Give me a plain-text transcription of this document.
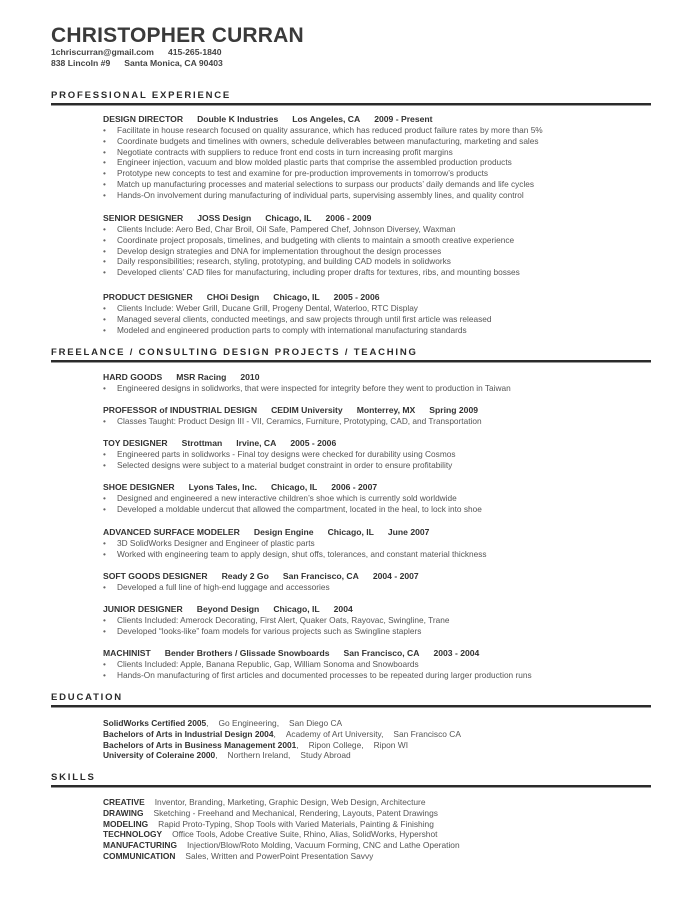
CHRISTOPHER CURRAN
1chriscurran@gmail.com 415-265-1840
838 Lincoln #9 Santa Monica, CA 90403
PROFESSIONAL EXPERIENCE
DESIGN DIRECTOR Double K Industries Los Angeles, CA 2009 - Present
• Facilitate in house research focused on quality assurance, which has reduced product failure rates by more than 5%
• Coordinate budgets and timelines with owners, schedule deliverables between manufacturing, marketing and sales
• Negotiate contracts with suppliers to reduce front end costs in turn increasing profit margins
• Engineer injection, vacuum and blow molded plastic parts that comprise the assembled production products
• Prototype new concepts to test and examine for pre-production improvements in tomorrow’s products
• Match up manufacturing processes and material selections to surpass our products’ daily demands and life cycles
• Hands-On involvement during manufacturing of individual parts, supervising assembly lines, and quality control
SENIOR DESIGNER JOSS Design Chicago, IL 2006 - 2009
• Clients Include: Aero Bed, Char Broil, Oil Safe, Pampered Chef, Johnson Diversey, Waxman
• Coordinate project proposals, timelines, and budgeting with clients to maintain a smooth creative experience
• Develop design strategies and DNA for implementation throughout the design processes
• Daily responsibilities; research, styling, prototyping, and building CAD models in solidworks
• Developed clients’ CAD files for manufacturing, including proper drafts for textures, ribs, and mounting bosses
PRODUCT DESIGNER CHOi Design Chicago, IL 2005 - 2006
• Clients Include: Weber Grill, Ducane Grill, Progeny Dental, Waterloo, RTC Display
• Managed several clients, conducted meetings, and saw projects through until first article was released
• Modeled and engineered production parts to comply with international manufacturing standards
FREELANCE / CONSULTING DESIGN PROJECTS / TEACHING
HARD GOODS MSR Racing 2010
• Engineered designs in solidworks, that were inspected for integrity before they went to production in Taiwan
PROFESSOR of INDUSTRIAL DESIGN CEDIM University Monterrey, MX Spring 2009
• Classes Taught: Product Design III - VII, Ceramics, Furniture, Prototyping, CAD, and Transportation
TOY DESIGNER Strottman Irvine, CA 2005 - 2006
• Engineered parts in solidworks - Final toy designs were checked for durability using Cosmos
• Selected designs were subject to a material budget constraint in order to ensure profitability
SHOE DESIGNER Lyons Tales, Inc. Chicago, IL 2006 - 2007
• Designed and engineered a new interactive children’s shoe which is currently sold worldwide
• Developed a moldable undercut that allowed the compartment, located in the heal, to lock into shoe
ADVANCED SURFACE MODELER Design Engine Chicago, IL June 2007
• 3D SolidWorks Designer and Engineer of plastic parts
• Worked with engineering team to apply design, shut offs, tolerances, and constant material thickness
SOFT GOODS DESIGNER Ready 2 Go San Francisco, CA 2004 - 2007
• Developed a full line of high-end luggage and accessories
JUNIOR DESIGNER Beyond Design Chicago, IL 2004
• Clients Included: Amerock Decorating, First Alert, Quaker Oats, Rayovac, Swingline, Trane
• Developed “looks-like” foam models for various projects such as Swingline staplers
MACHINIST Bender Brothers / Glissade Snowboards San Francisco, CA 2003 - 2004
• Clients Included: Apple, Banana Republic, Gap, William Sonoma and Snowboards
• Hands-On manufacturing of first articles and documented processes to be repeated during larger production runs
EDUCATION
SolidWorks Certified 2005, Go Engineering, San Diego CA
Bachelors of Arts in Industrial Design 2004, Academy of Art University, San Francisco CA
Bachelors of Arts in Business Management 2001, Ripon College, Ripon WI
University of Coleraine 2000, Northern Ireland, Study Abroad
SKILLS
CREATIVE Inventor, Branding, Marketing, Graphic Design, Web Design, Architecture
DRAWING Sketching - Freehand and Mechanical, Rendering, Layouts, Patent Drawings
MODELING Rapid Proto-Typing, Shop Tools with Varied Materials, Painting & Finishing
TECHNOLOGY Office Tools, Adobe Creative Suite, Rhino, Alias, SolidWorks, Hypershot
MANUFACTURING Injection/Blow/Roto Molding, Vacuum Forming, CNC and Lathe Operation
COMMUNICATION Sales, Written and PowerPoint Presentation Savvy
